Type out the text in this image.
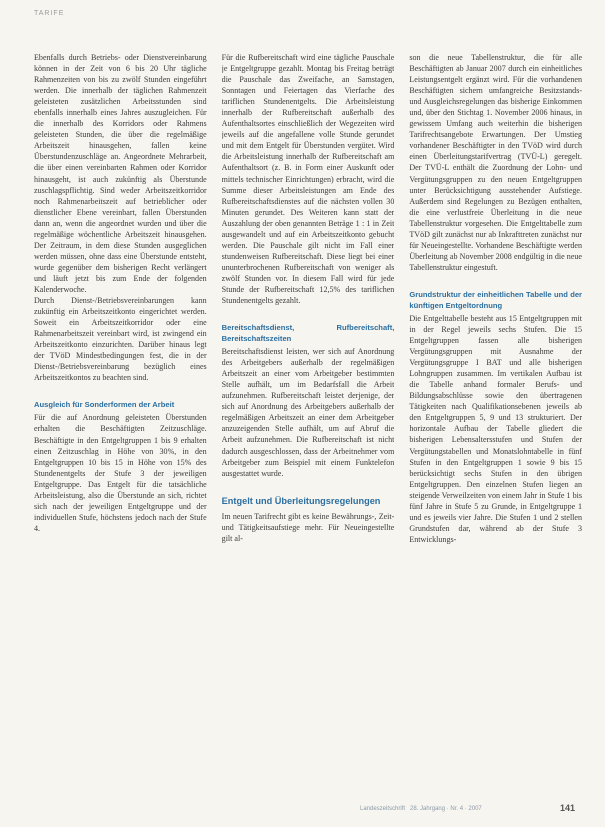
TARIFE

Ebenfalls durch Betriebs- oder Dienstvereinbarung können in der Zeit von 6 bis 20 Uhr tägliche Rahmenzeiten von bis zu zwölf Stunden eingeführt werden. Die innerhalb der täglichen Rahmenzeit geleisteten zusätzlichen Arbeitsstunden sind ebenfalls innerhalb eines Jahres auszugleichen. Für die innerhalb des Korridors oder Rahmens geleisteten Stunden, die über die regelmäßige Arbeitszeit hinausgehen, fallen keine Überstundenzuschläge an. Angeordnete Mehrarbeit, die über einen vereinbarten Rahmen oder Korridor hinausgeht, ist auch zukünftig als Überstunde zuschlagspflichtig. Sind weder Arbeitszeitkorridor noch Rahmenarbeitszeit auf betrieblicher oder dienstlicher Ebene vereinbart, fallen Überstunden dann an, wenn die angeordnet wurden und über die regelmäßige wöchentliche Arbeitszeit hinausgehen. Der Zeitraum, in dem diese Stunden ausgeglichen werden müssen, ohne dass eine Überstunde entsteht, wurde gegenüber dem bisherigen Recht verlängert und läuft jetzt bis zum Ende der folgenden Kalenderwoche.

Durch Dienst-/Betriebsvereinbarungen kann zukünftig ein Arbeitszeitkonto eingerichtet werden. Soweit ein Arbeitszeitkorridor oder eine Rahmenarbeitszeit vereinbart wird, ist zwingend ein Arbeitszeitkonto einzurichten. Darüber hinaus legt der TVöD Mindestbedingungen fest, die in der Dienst-/Betriebsvereinbarung bezüglich eines Arbeitszeitkontos zu beachten sind.

Ausgleich für Sonderformen der Arbeit

Für die auf Anordnung geleisteten Überstunden erhalten die Beschäftigten Zeitzuschläge. Beschäftigte in den Entgeltgruppen 1 bis 9 erhalten einen Zeitzuschlag in Höhe von 30%, in den Entgeltgruppen 10 bis 15 in Höhe von 15% des Stundenentgelts der Stufe 3 der jeweiligen Entgeltgruppe. Das Entgelt für die tatsächliche Arbeitsleistung, also die Überstunde an sich, richtet sich nach der jeweiligen Entgeltgruppe und der individuellen Stufe, höchstens jedoch nach der Stufe 4.

Für die Rufbereitschaft wird eine tägliche Pauschale je Entgeltgruppe gezahlt. Montag bis Freitag beträgt die Pauschale das Zweifache, an Samstagen, Sonntagen und Feiertagen das Vierfache des tariflichen Stundenentgelts. Die Arbeitsleistung innerhalb der Rufbereitschaft außerhalb des Aufenthaltsortes einschließlich der Wegezeiten wird jeweils auf die angefallene volle Stunde gerundet und mit dem Entgelt für Überstunden vergütet. Wird die Arbeitsleistung innerhalb der Rufbereitschaft am Aufenthaltsort (z. B. in Form einer Auskunft oder mittels technischer Einrichtungen) erbracht, wird die Summe dieser Arbeitsleistungen am Ende des Rufbereitschaftsdienstes auf die nächsten vollen 30 Minuten gerundet. Des Weiteren kann statt der Auszahlung der oben genannten Beträge 1 : 1 in Zeit ausgewandelt und auf ein Arbeitszeitkonto gebucht werden. Die Pauschale gilt nicht im Fall einer stundenweisen Rufbereitschaft. Diese liegt bei einer ununterbrochenen Rufbereitschaft von weniger als zwölf Stunden vor. In diesem Fall wird für jede Stunde der Rufbereitschaft 12,5% des tariflichen Stundenentgelts gezahlt.

Bereitschaftsdienst, Rufbereitschaft, Bereitschaftszeiten

Bereitschaftsdienst leisten, wer sich auf Anordnung des Arbeitgebers außerhalb der regelmäßigen Arbeitszeit an einer vom Arbeitgeber bestimmten Stelle aufhält, um im Bedarfsfall die Arbeit aufzunehmen. Rufbereitschaft leistet derjenige, der sich auf Anordnung des Arbeitgebers außerhalb der regelmäßigen Arbeitszeit an einer dem Arbeitgeber anzuzeigenden Stelle aufhält, um auf Abruf die Arbeit aufzunehmen. Die Rufbereitschaft ist nicht dadurch ausgeschlossen, dass der Arbeitnehmer vom Arbeitgeber zum Beispiel mit einem Funktelefon ausgestattet wurde.

Entgelt und Überleitungsregelungen

Im neuen Tarifrecht gibt es keine Bewährungs-, Zeit- und Tätigkeitsaufstiege mehr. Für Neueingestellte gilt al-

son die neue Tabellenstruktur, die für alle Beschäftigten ab Januar 2007 durch ein einheitliches Leistungsentgelt ergänzt wird. Für die vorhandenen Beschäftigten sichern umfangreiche Besitzstands- und Ausgleichsregelungen das bisherige Einkommen und, über den Stichtag 1. November 2006 hinaus, in gewissem Umfang auch weiterhin die bisherigen Tarifrechtsangebote Erwartungen. Der Umstieg vorhandener Beschäftigter in den TVöD wird durch einen Überleitungstarifvertrag (TVÜ-L) geregelt. Der TVÜ-L enthält die Zuordnung der Lohn- und Vergütungsgruppen zu den neuen Entgeltgruppen unter Berücksichtigung ausstehender Aufstiege. Außerdem sind Regelungen zu Bezügen enthalten, die eine verlustfreie Überleitung in die neue Tabellenstruktur vorgesehen. Die Entgelttabelle zum TVöD gilt zunächst nur ab Inkrafttreten zunächst nur für Neueingestellte. Vorhandene Beschäftigte werden Überleitung ab November 2008 endgültig in die neue Tabellenstruktur eingestuft.

Grundstruktur der einheitlichen Tabelle und der künftigen Entgeltordnung

Die Entgelttabelle besteht aus 15 Entgeltgruppen mit in der Regel jeweils sechs Stufen. Die 15 Entgeltgruppen fassen alle bisherigen Vergütungsgruppen mit Ausnahme der Vergütungsgruppe I BAT und alle bisherigen Lohngruppen zusammen. Im vertikalen Aufbau ist die Tabelle anhand formaler Berufs- und Bildungsabschlüsse sowie den übertragenen Tätigkeiten nach Qualifikationsebenen jeweils ab den Entgeltgruppen 5, 9 und 13 strukturiert. Der horizontale Aufbau der Tabelle gliedert die bisherigen Lebensaltersstufen und Stufen der Vergütungstabellen und Monatslohntabelle in fünf Stufen in den Entgeltgruppen 1 sowie 9 bis 15 berücksichtigt sechs Stufen in den übrigen Entgeltgruppen. Den einzelnen Stufen liegen an steigende Verweilzeiten von einem Jahr in Stufe 1 bis fünf Jahre in Stufe 5 zu Grunde, in Entgeltgruppe 1 und es jeweils vier Jahre. Die Stufen 1 und 2 stellen Grundstufen dar, während ab der Stufe 3 Entwicklungs-

Landeszeitschrift 28. Jahrgang · Nr. 4 · 2007	141
